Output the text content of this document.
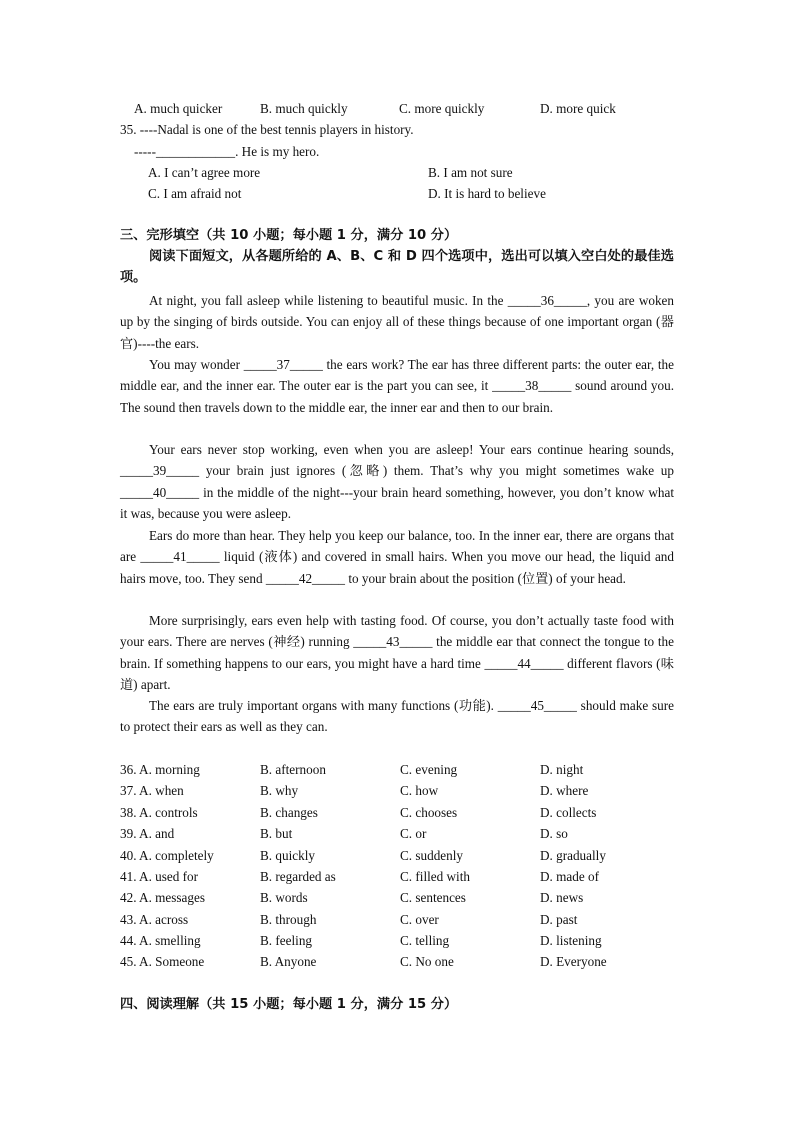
A. much quicker	B. much quickly	C. more quickly	D. more quick
35. ----Nadal is one of the best tennis players in history.
-----____________. He is my hero.
A. I can’t agree more	B. I am not sure
C. I am afraid not	D. It is hard to believe
三、完形填空（共 10 小题；每小题 1 分，满分 10 分）
阅读下面短文，从各题所给的 A、B、C 和 D 四个选项中，选出可以填入空白处的最佳选项。
At night, you fall asleep while listening to beautiful music. In the _____36_____, you are woken up by the singing of birds outside. You can enjoy all of these things because of one important organ (器官)----the ears.
You may wonder _____37_____ the ears work? The ear has three different parts: the outer ear, the middle ear, and the inner ear. The outer ear is the part you can see, it _____38_____ sound around you. The sound then travels down to the middle ear, the inner ear and then to our brain.
Your ears never stop working, even when you are asleep! Your ears continue hearing sounds, _____39_____ your brain just ignores (忽略) them. That’s why you might sometimes wake up _____40_____ in the middle of the night---your brain heard something, however, you don’t know what it was, because you were asleep.
Ears do more than hear. They help you keep our balance, too. In the inner ear, there are organs that are _____41_____ liquid (液体) and covered in small hairs. When you move our head, the liquid and hairs move, too. They send _____42_____ to your brain about the position (位置) of your head.
More surprisingly, ears even help with tasting food. Of course, you don’t actually taste food with your ears. There are nerves (神经) running _____43_____ the middle ear that connect the tongue to the brain. If something happens to our ears, you might have a hard time _____44_____ different flavors (味道) apart.
The ears are truly important organs with many functions (功能). _____45_____ should make sure to protect their ears as well as they can.
36. A. morning	B. afternoon	C. evening	D. night
37. A. when	B. why	C. how	D. where
38. A. controls	B. changes	C. chooses	D. collects
39. A. and	B. but	C. or	D. so
40. A. completely	B. quickly	C. suddenly	D. gradually
41. A. used for	B. regarded as	C. filled with	D. made of
42. A. messages	B. words	C. sentences	D. news
43. A. across	B. through	C. over	D. past
44. A. smelling	B. feeling	C. telling	D. listening
45. A. Someone	B. Anyone	C. No one	D. Everyone
四、阅读理解（共 15 小题；每小题 1 分，满分 15 分）
